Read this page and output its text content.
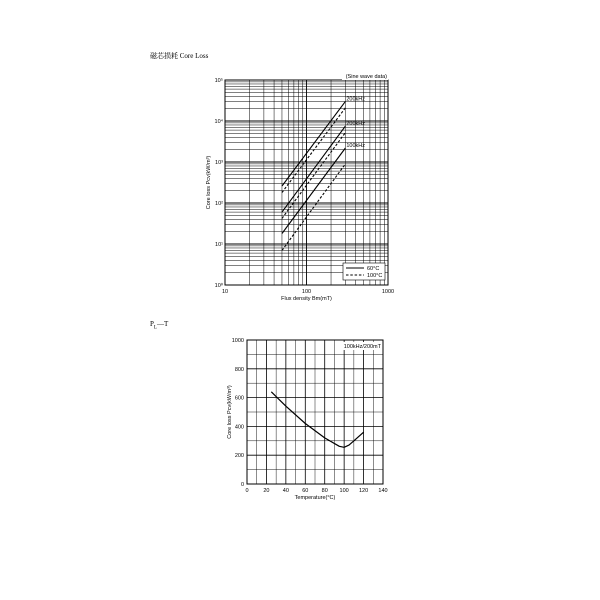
磁芯损耗 Core Loss
$P_L—T$
200kHz
200kHz
100kHz
10	100	1000
10⁰
10¹
10²
10³
10⁴
10⁵
Flux density Bm(mT)
Core loss Pcv(kW/m³)
(Sine wave data)
60°C
100°C
0	20 40 60 80 100 120 140
0
200
400
600
800
1000
Temperature(°C)
Core loss Pcv(kW/m³)
100kHz/200mT
